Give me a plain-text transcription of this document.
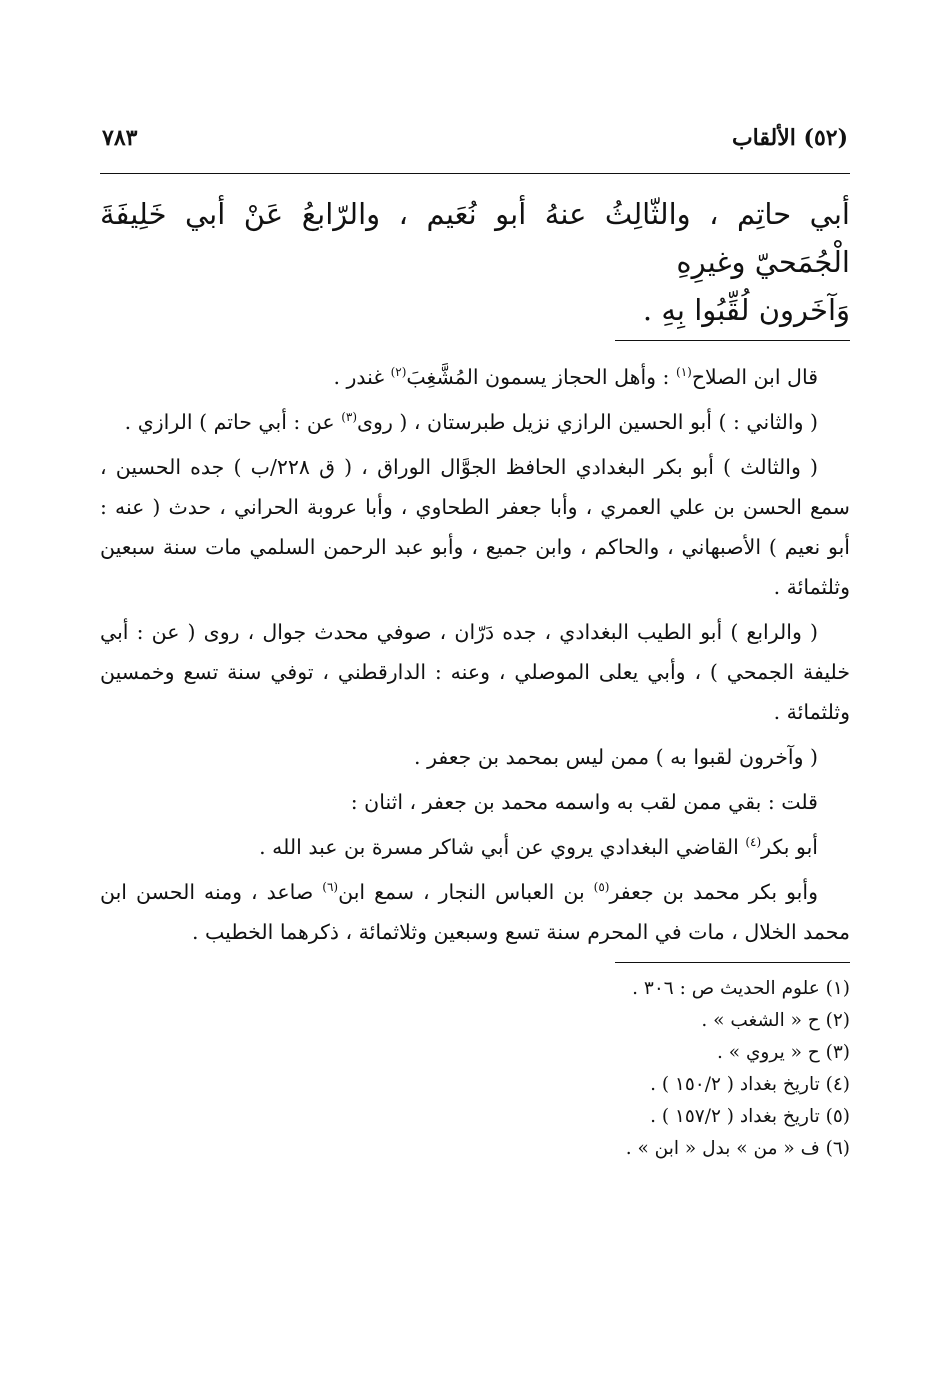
(٥٢) الألقاب
٧٨٣

أبي حاتِم ، والثّالِثُ عنهُ أبو نُعَيم ، والرّابعُ عَنْ أبي خَلِيفَةَ الْجُمَحيّ وغيرِهِ

وَآخَرون لُقِّبُوا بِهِ .

قال ابن الصلاح$^{(١)}$ : وأهل الحجاز يسمون المُشَّغِبَ$^{(٢)}$ غندر .

( والثاني : ) أبو الحسين الرازي نزيل طبرستان ، ( روى$^{(٣)}$ عن : أبي حاتم ) الرازي .

( والثالث ) أبو بكر البغدادي الحافظ الجوَّال الوراق ، ( ق ٢٢٨/ب ) جده الحسين ، سمع الحسن بن علي العمري ، وأبا جعفر الطحاوي ، وأبا عروبة الحراني ، حدث ( عنه : أبو نعيم ) الأصبهاني ، والحاكم ، وابن جميع ، وأبو عبد الرحمن السلمي مات سنة سبعين وثلثمائة .

( والرابع ) أبو الطيب البغدادي ، جده دَرّان ، صوفي محدث جوال ، روى ( عن : أبي خليفة الجمحي ) ، وأبي يعلى الموصلي ، وعنه : الدارقطني ، توفي سنة تسع وخمسين وثلثمائة .

( وآخرون لقبوا به ) ممن ليس بمحمد بن جعفر .

قلت : بقي ممن لقب به واسمه محمد بن جعفر ، اثنان :

أبو بكر$^{(٤)}$ القاضي البغدادي يروي عن أبي شاكر مسرة بن عبد الله .

وأبو بكر محمد بن جعفر$^{(٥)}$ بن العباس النجار ، سمع ابن$^{(٦)}$ صاعد ، ومنه الحسن ابن محمد الخلال ، مات في المحرم سنة تسع وسبعين وثلاثمائة ، ذكرهما الخطيب .

(١) علوم الحديث ص : ٣٠٦ .
(٢) ح « الشغب » .
(٣) ح « يروي » .
(٤) تاريخ بغداد ( ١٥٠/٢ ) .
(٥) تاريخ بغداد ( ١٥٧/٢ ) .
(٦) ف « من » بدل « ابن » .
